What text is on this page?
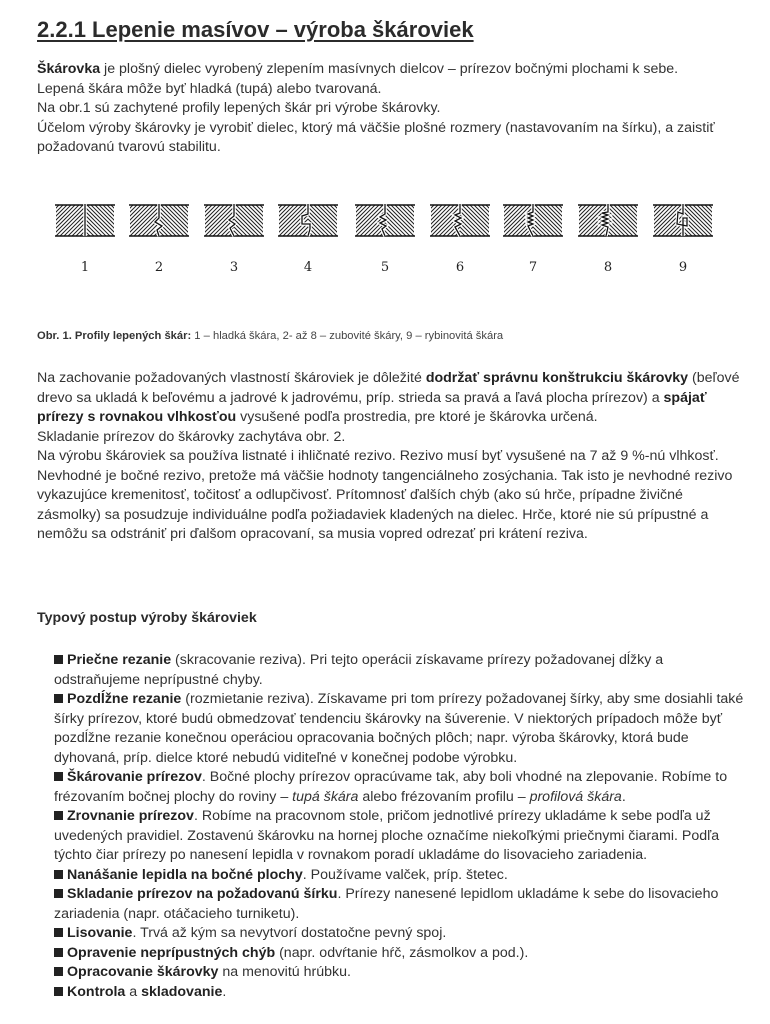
2.2.1 Lepenie masívov – výroba škároviek

Škárovka je plošný dielec vyrobený zlepením masívnych dielcov – prírezov bočnými plochami k sebe.

Lepená škára môže byť hladká (tupá) alebo tvarovaná.

Na obr.1 sú zachytené profily lepených škár pri výrobe škárovky.

Účelom výroby škárovky je vyrobiť dielec, ktorý má väčšie plošné rozmery (nastavovaním na šírku), a zaistiť požadovanú tvarovú stabilitu.

1	2	3	4	5	6	7	8	9
Obr. 1. Profily lepených škár: 1 – hladká škára, 2- až 8 – zubovité škáry, 9 – rybinovitá škára

Na zachovanie požadovaných vlastností škároviek je dôležité dodržať správnu konštrukciu škárovky (beľové drevo sa ukladá k beľovému a jadrové k jadrovému, príp. strieda sa pravá a ľavá plocha prírezov) a spájať prírezy s rovnakou vlhkosťou vysušené podľa prostredia, pre ktoré je škárovka určená.

Skladanie prírezov do škárovky zachytáva obr. 2.

Na výrobu škároviek sa používa listnaté i ihličnaté rezivo. Rezivo musí byť vysušené na 7 až 9 %-nú vlhkosť. Nevhodné je bočné rezivo, pretože má väčšie hodnoty tangenciálneho zosýchania. Tak isto je nevhodné rezivo vykazujúce kremenitosť, točitosť a odlupčivosť. Prítomnosť ďalších chýb (ako sú hrče, prípadne živičné zásmolky) sa posudzuje individuálne podľa požiadaviek kladených na dielec. Hrče, ktoré nie sú prípustné a nemôžu sa odstrániť pri ďalšom opracovaní, sa musia vopred odrezať pri krátení reziva.

Typový postup výroby škároviek
Priečne rezanie (skracovanie reziva). Pri tejto operácii získavame prírezy požadovanej dĺžky a odstraňujeme neprípustné chyby.
Pozdĺžne rezanie (rozmietanie reziva). Získavame pri tom prírezy požadovanej šírky, aby sme dosiahli také šírky prírezov, ktoré budú obmedzovať tendenciu škárovky na šúverenie. V niektorých prípadoch môže byť pozdĺžne rezanie konečnou operáciou opracovania bočných plôch; napr. výroba škárovky, ktorá bude dyhovaná, príp. dielce ktoré nebudú viditeľné v konečnej podobe výrobku.
Škárovanie prírezov. Bočné plochy prírezov opracúvame tak, aby boli vhodné na zlepovanie. Robíme to frézovaním bočnej plochy do roviny – tupá škára alebo frézovaním profilu – profilová škára.
Zrovnanie prírezov. Robíme na pracovnom stole, pričom jednotlivé prírezy ukladáme k sebe podľa už uvedených pravidiel. Zostavenú škárovku na hornej ploche označíme niekoľkými priečnymi čiarami. Podľa týchto čiar prírezy po nanesení lepidla v rovnakom poradí ukladáme do lisovacieho zariadenia.
Nanášanie lepidla na bočné plochy. Používame valček, príp. štetec.
Skladanie prírezov na požadovanú šírku. Prírezy nanesené lepidlom ukladáme k sebe do lisovacieho zariadenia (napr. otáčacieho turniketu).
Lisovanie. Trvá až kým sa nevytvorí dostatočne pevný spoj.
Opravenie neprípustných chýb (napr. odvŕtanie hŕč, zásmolkov a pod.).
Opracovanie škárovky na menovitú hrúbku.
Kontrola a skladovanie.
